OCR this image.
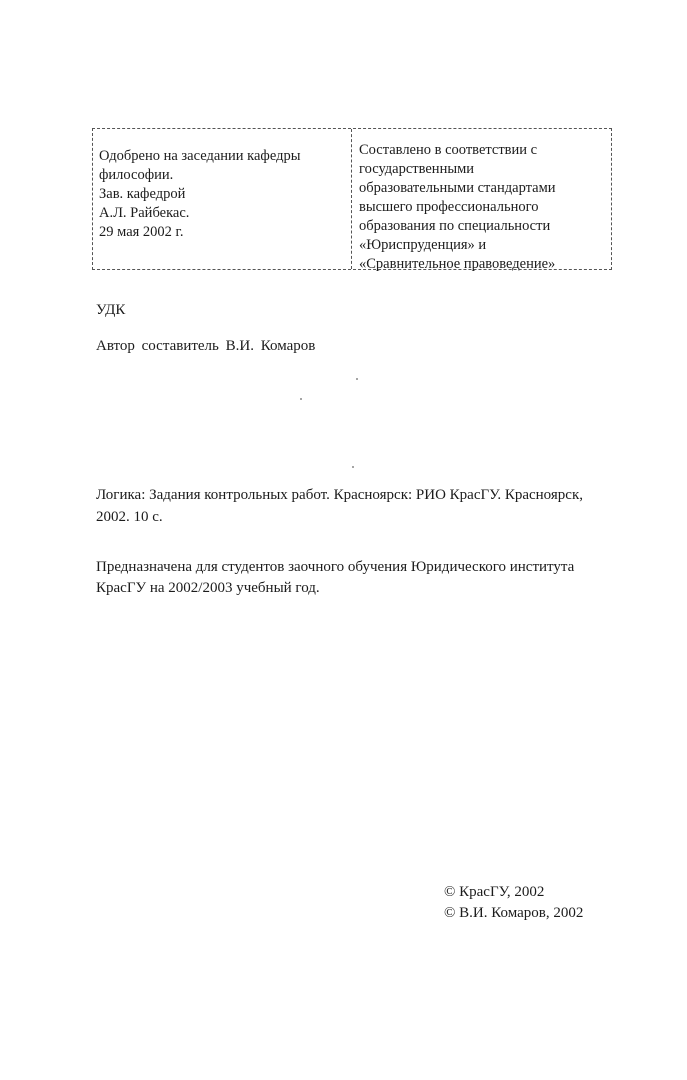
Одобрено на заседании кафедры
философии.
Зав. кафедрой
А.Л. Райбекас.
29 мая 2002 г.
Составлено в соответствии с
государственными
образовательными стандартами
высшего профессионального
образования по специальности
«Юриспруденция» и
«Сравнительное правоведение»
УДК
Автор составитель В.И. Комаров
Логика: Задания контрольных работ. Красноярск: РИО КрасГУ. Красноярск, 2002. 10 с.
Предназначена для студентов заочного обучения Юридического института КрасГУ на 2002/2003 учебный год.
© КрасГУ, 2002
© В.И. Комаров, 2002
